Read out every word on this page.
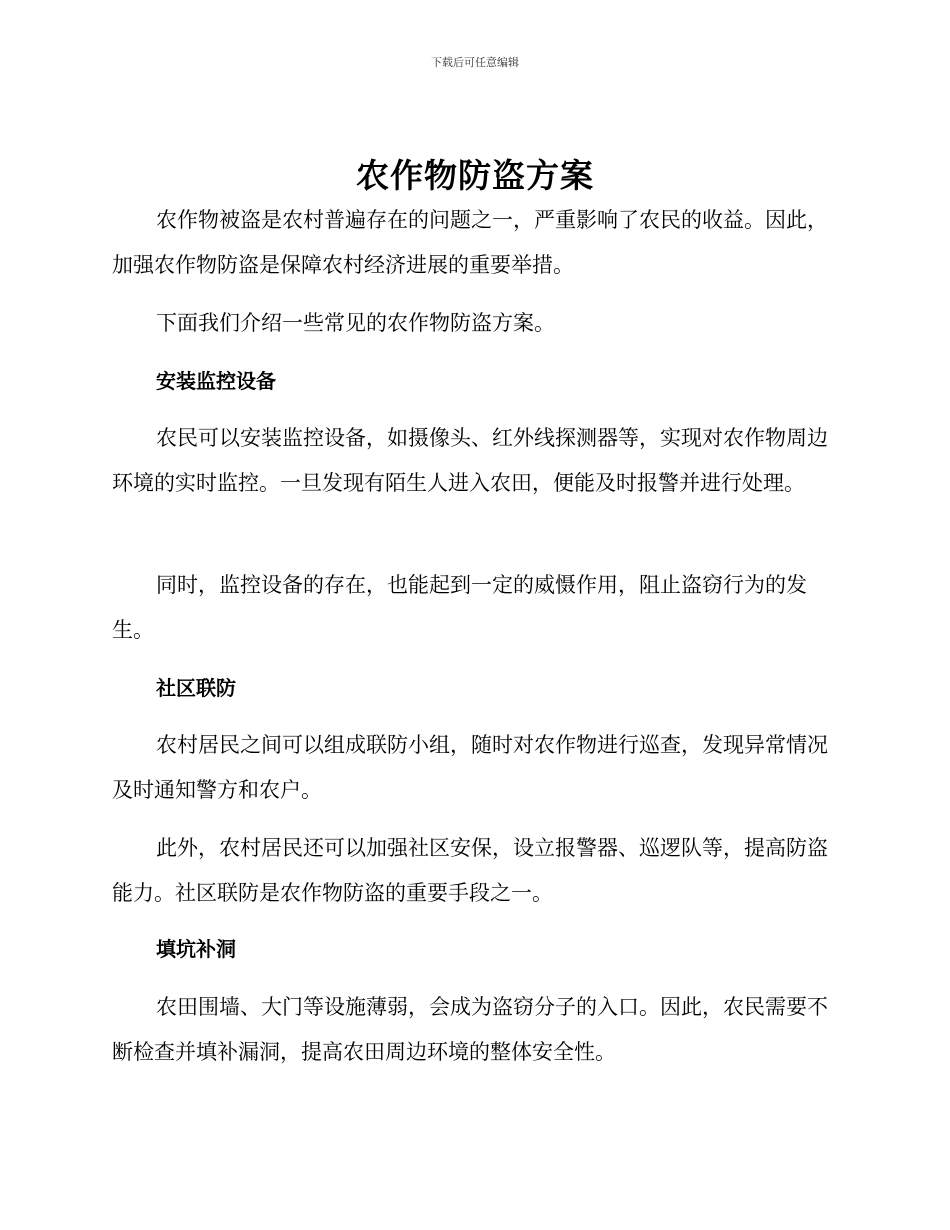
下载后可任意编辑
农作物防盗方案

农作物被盗是农村普遍存在的问题之一，严重影响了农民的收益。因此，加强农作物防盗是保障农村经济进展的重要举措。

下面我们介绍一些常见的农作物防盗方案。

安装监控设备

农民可以安装监控设备，如摄像头、红外线探测器等，实现对农作物周边环境的实时监控。一旦发现有陌生人进入农田，便能及时报警并进行处理。

同时，监控设备的存在，也能起到一定的威慑作用，阻止盗窃行为的发生。

社区联防

农村居民之间可以组成联防小组，随时对农作物进行巡查，发现异常情况及时通知警方和农户。

此外，农村居民还可以加强社区安保，设立报警器、巡逻队等，提高防盗能力。社区联防是农作物防盗的重要手段之一。

填坑补洞

农田围墙、大门等设施薄弱，会成为盗窃分子的入口。因此，农民需要不断检查并填补漏洞，提高农田周边环境的整体安全性。
